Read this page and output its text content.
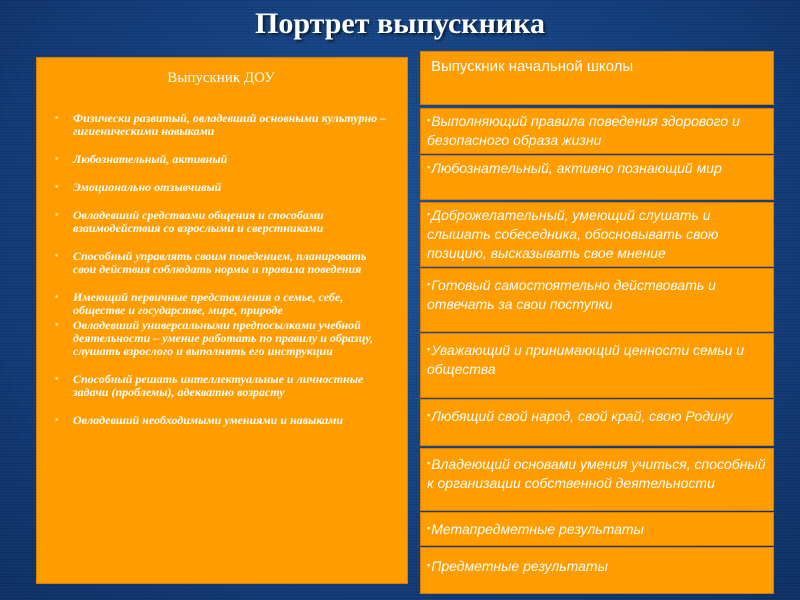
Портрет выпускника
Выпускник ДОУ
• Физически развитый, овладевший основными культурно – гигиеническими навыками
• Любознательный, активный
• Эмоционально отзывчивый
• Овладевший средствами общения и способами взаимодействия со взрослыми и сверстниками
• Способный управлять своим поведением, планировать свои действия соблюдать нормы и правила поведения
• Имеющий первичные представления о семье, себе, обществе и государстве, мире, природе
• Овладевший универсальными предпосылками учебной деятельности – умение работать по правилу и образцу, слушать взрослого и выполнять его инструкции
• Способный решать интеллектуальные и личностные задачи (проблемы), адекватно возрасту
• Овладевший необходимыми умениями и навыками
Выпускник начальной школы
▪Выполняющий правила поведения здорового и безопасного образа жизни
▪Любознательный, активно познающий мир
▪Доброжелательный, умеющий слушать и слышать собеседника, обосновывать свою позицию, высказывать свое мнение
▪Готовый самостоятельно действовать и отвечать за свои поступки
▪Уважающий и принимающий ценности семьи и общества
▪Любящий свой народ, свой край, свою Родину
▪Владеющий основами умения учиться, способный к организации собственной деятельности
▪Метапредметные результаты
▪Предметные результаты
